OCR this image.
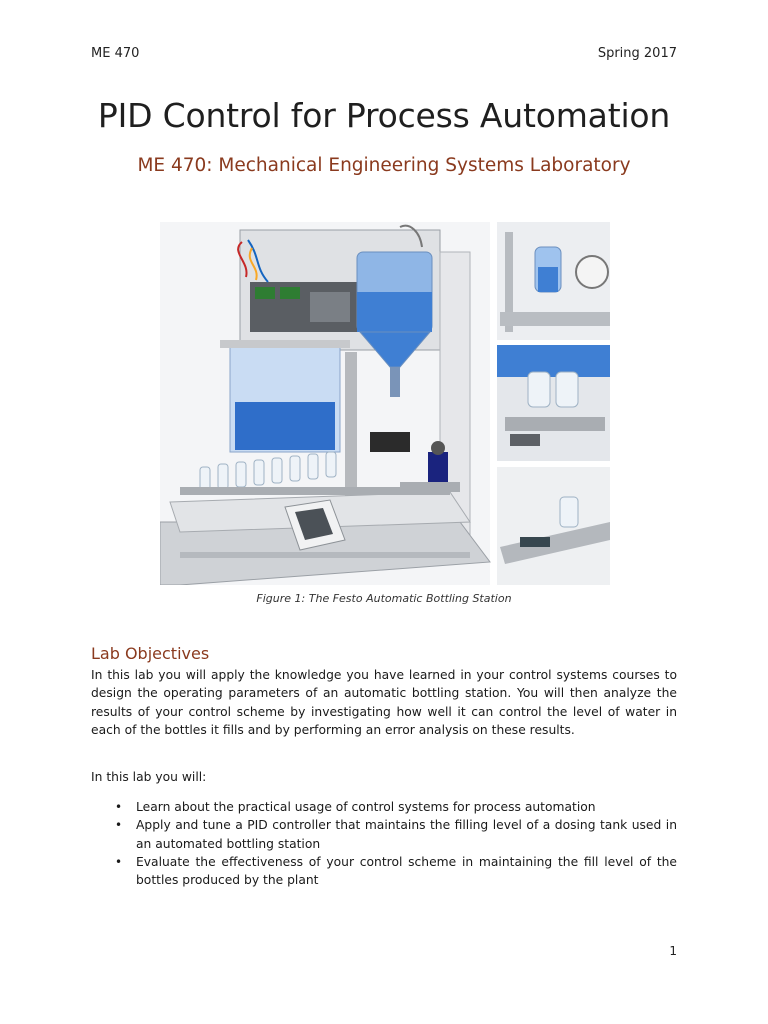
ME 470	Spring 2017
PID Control for Process Automation
ME 470: Mechanical Engineering Systems Laboratory
Figure 1: The Festo Automatic Bottling Station
Lab Objectives
In this lab you will apply the knowledge you have learned in your control systems courses to design the operating parameters of an automatic bottling station. You will then analyze the results of your control scheme by investigating how well it can control the level of water in each of the bottles it fills and by performing an error analysis on these results.
In this lab you will:
• Learn about the practical usage of control systems for process automation
• Apply and tune a PID controller that maintains the filling level of a dosing tank used in an automated bottling station
• Evaluate the effectiveness of your control scheme in maintaining the fill level of the bottles produced by the plant
1
